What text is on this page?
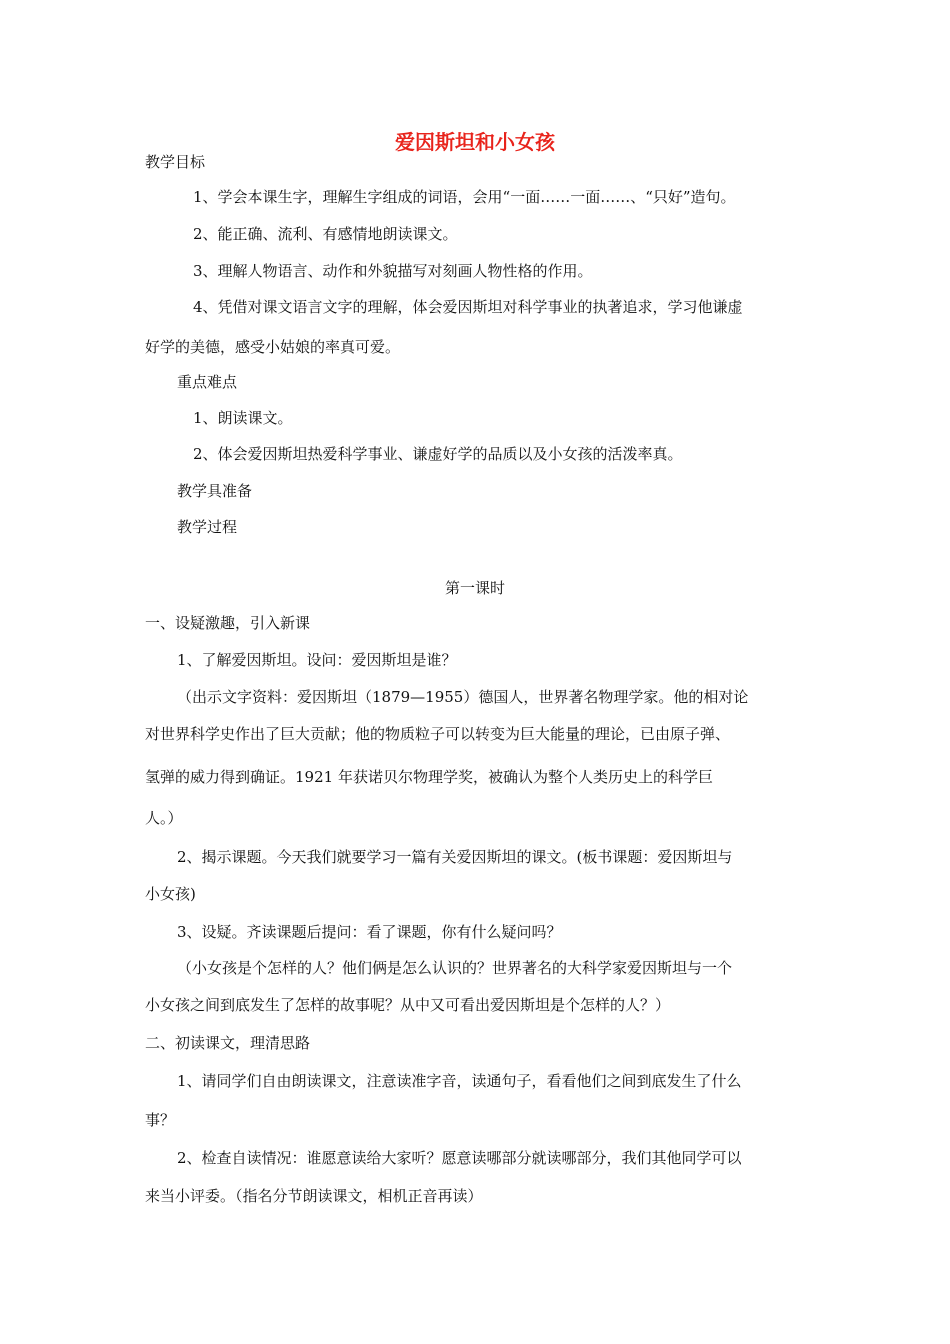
爱因斯坦和小女孩
教学目标
1、学会本课生字，理解生字组成的词语，会用“一面……一面……、“只好”造句。
2、能正确、流利、有感情地朗读课文。
3、理解人物语言、动作和外貌描写对刻画人物性格的作用。
4、凭借对课文语言文字的理解，体会爱因斯坦对科学事业的执著追求，学习他谦虚
好学的美德，感受小姑娘的率真可爱。
重点难点
1、朗读课文。
2、体会爱因斯坦热爱科学事业、谦虚好学的品质以及小女孩的活泼率真。
教学具准备
教学过程
第一课时
一、设疑激趣，引入新课
1、了解爱因斯坦。设问：爱因斯坦是谁？
（出示文字资料：爱因斯坦（1879—1955）德国人，世界著名物理学家。他的相对论
对世界科学史作出了巨大贡献；他的物质粒子可以转变为巨大能量的理论，已由原子弹、
氢弹的威力得到确证。1921 年获诺贝尔物理学奖，被确认为整个人类历史上的科学巨
人。）
2、揭示课题。今天我们就要学习一篇有关爱因斯坦的课文。(板书课题：爱因斯坦与
小女孩)
3、设疑。齐读课题后提问：看了课题，你有什么疑问吗？
（小女孩是个怎样的人？他们俩是怎么认识的？世界著名的大科学家爱因斯坦与一个
小女孩之间到底发生了怎样的故事呢？从中又可看出爱因斯坦是个怎样的人？）
二、初读课文，理清思路
1、请同学们自由朗读课文，注意读准字音，读通句子，看看他们之间到底发生了什么
事？
2、检查自读情况：谁愿意读给大家听？愿意读哪部分就读哪部分，我们其他同学可以
来当小评委。（指名分节朗读课文，相机正音再读）
